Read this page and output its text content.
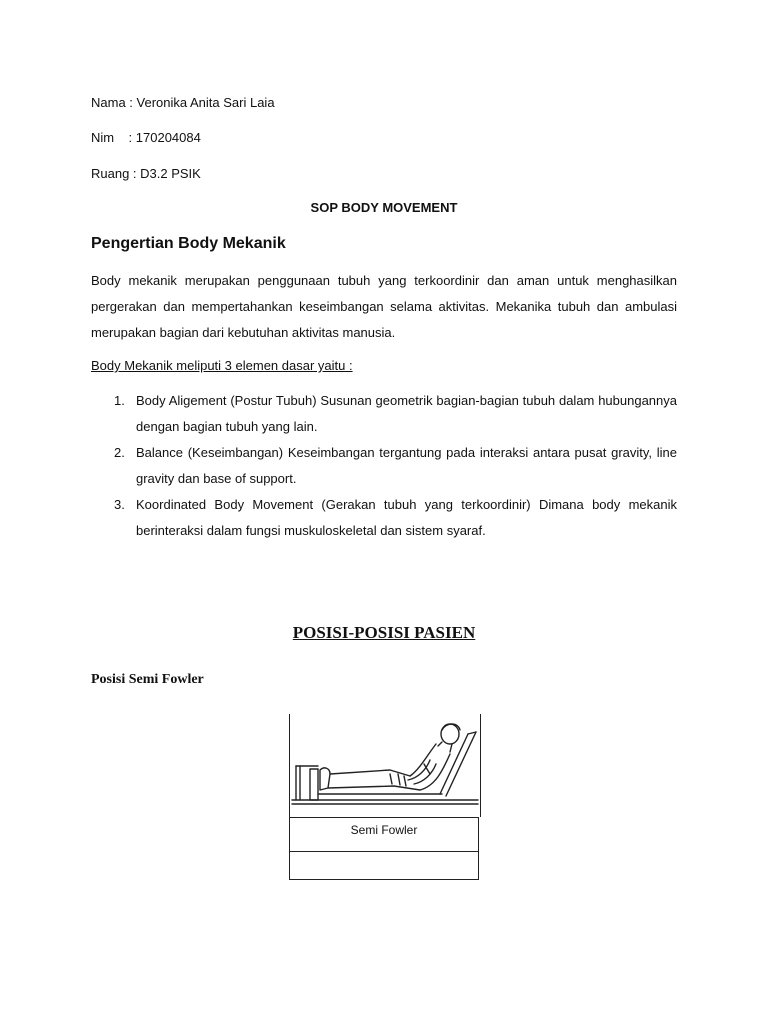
Nama : Veronika Anita Sari Laia
Nim    : 170204084
Ruang : D3.2 PSIK
SOP BODY MOVEMENT
Pengertian Body Mekanik
Body mekanik merupakan penggunaan tubuh yang terkoordinir dan aman untuk menghasilkan pergerakan dan mempertahankan keseimbangan selama aktivitas. Mekanika tubuh dan ambulasi merupakan bagian dari kebutuhan aktivitas manusia.
Body Mekanik meliputi 3 elemen dasar yaitu :
1. Body Aligement (Postur Tubuh) Susunan geometrik bagian-bagian tubuh dalam hubungannya dengan bagian tubuh yang lain.
2. Balance (Keseimbangan) Keseimbangan tergantung pada interaksi antara pusat gravity, line gravity dan base of support.
3. Koordinated Body Movement (Gerakan tubuh yang terkoordinir) Dimana body mekanik berinteraksi dalam fungsi muskuloskeletal dan sistem syaraf.
POSISI-POSISI PASIEN
Posisi Semi Fowler
Semi Fowler
